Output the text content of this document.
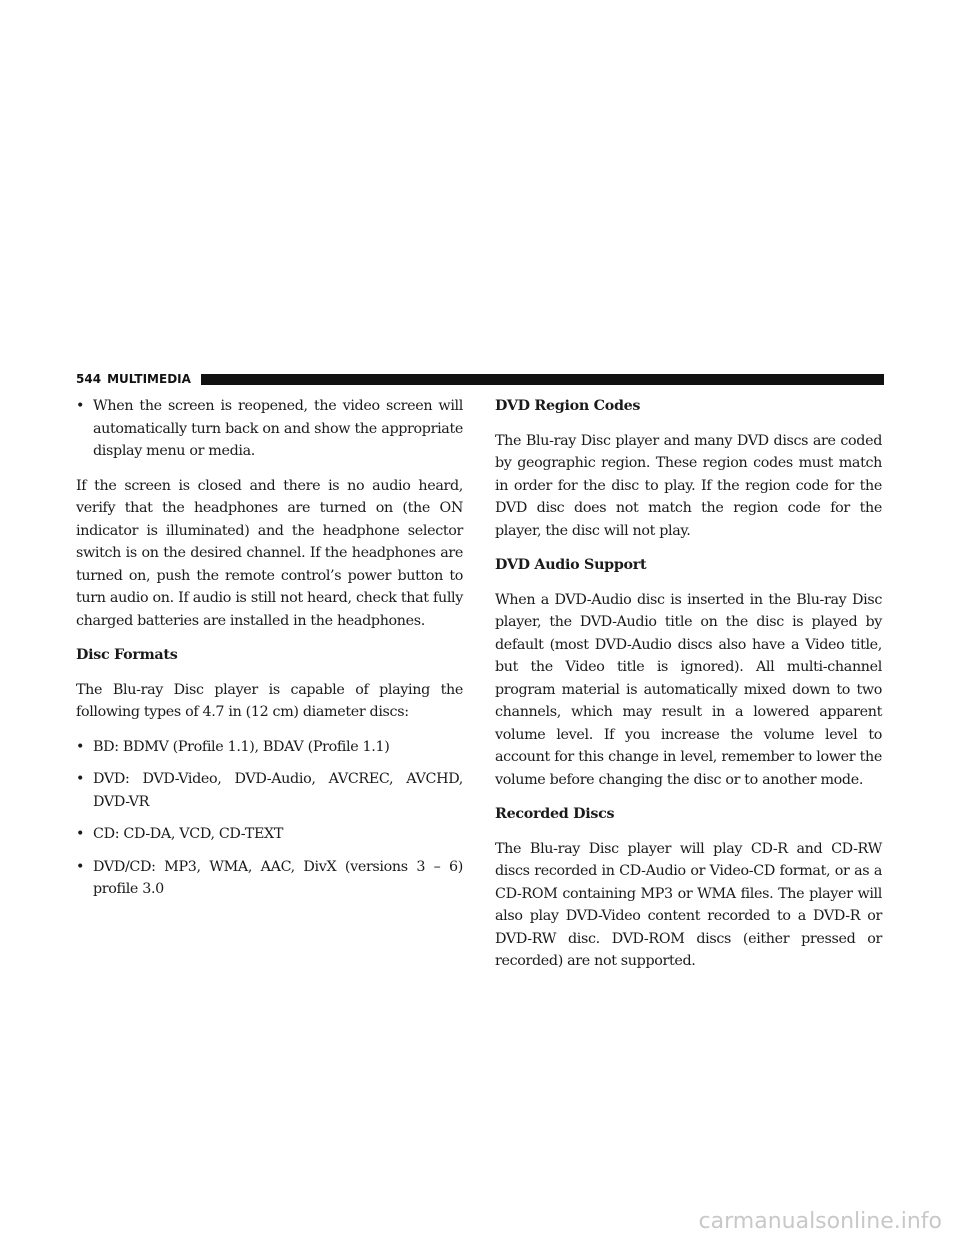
544 MULTIMEDIA
• When the screen is reopened, the video screen will automatically turn back on and show the appropriate display menu or media.

If the screen is closed and there is no audio heard, verify that the headphones are turned on (the ON indicator is illuminated) and the headphone selector switch is on the desired channel. If the headphones are turned on, push the remote control’s power button to turn audio on. If audio is still not heard, check that fully charged batteries are installed in the headphones.

Disc Formats

The Blu-ray Disc player is capable of playing the following types of 4.7 in (12 cm) diameter discs:

• BD: BDMV (Profile 1.1), BDAV (Profile 1.1)
• DVD: DVD-Video, DVD-Audio, AVCREC, AVCHD, DVD-VR
• CD: CD-DA, VCD, CD-TEXT
• DVD/CD: MP3, WMA, AAC, DivX (versions 3 – 6) profile 3.0
DVD Region Codes

The Blu-ray Disc player and many DVD discs are coded by geographic region. These region codes must match in order for the disc to play. If the region code for the DVD disc does not match the region code for the player, the disc will not play.

DVD Audio Support

When a DVD-Audio disc is inserted in the Blu-ray Disc player, the DVD-Audio title on the disc is played by default (most DVD-Audio discs also have a Video title, but the Video title is ignored). All multi-channel program material is automatically mixed down to two channels, which may result in a lowered apparent volume level. If you increase the volume level to account for this change in level, remember to lower the volume before changing the disc or to another mode.

Recorded Discs

The Blu-ray Disc player will play CD-R and CD-RW discs recorded in CD-Audio or Video-CD format, or as a CD-ROM containing MP3 or WMA files. The player will also play DVD-Video content recorded to a DVD-R or DVD-RW disc. DVD-ROM discs (either pressed or recorded) are not supported.

carmanualsonline.info
